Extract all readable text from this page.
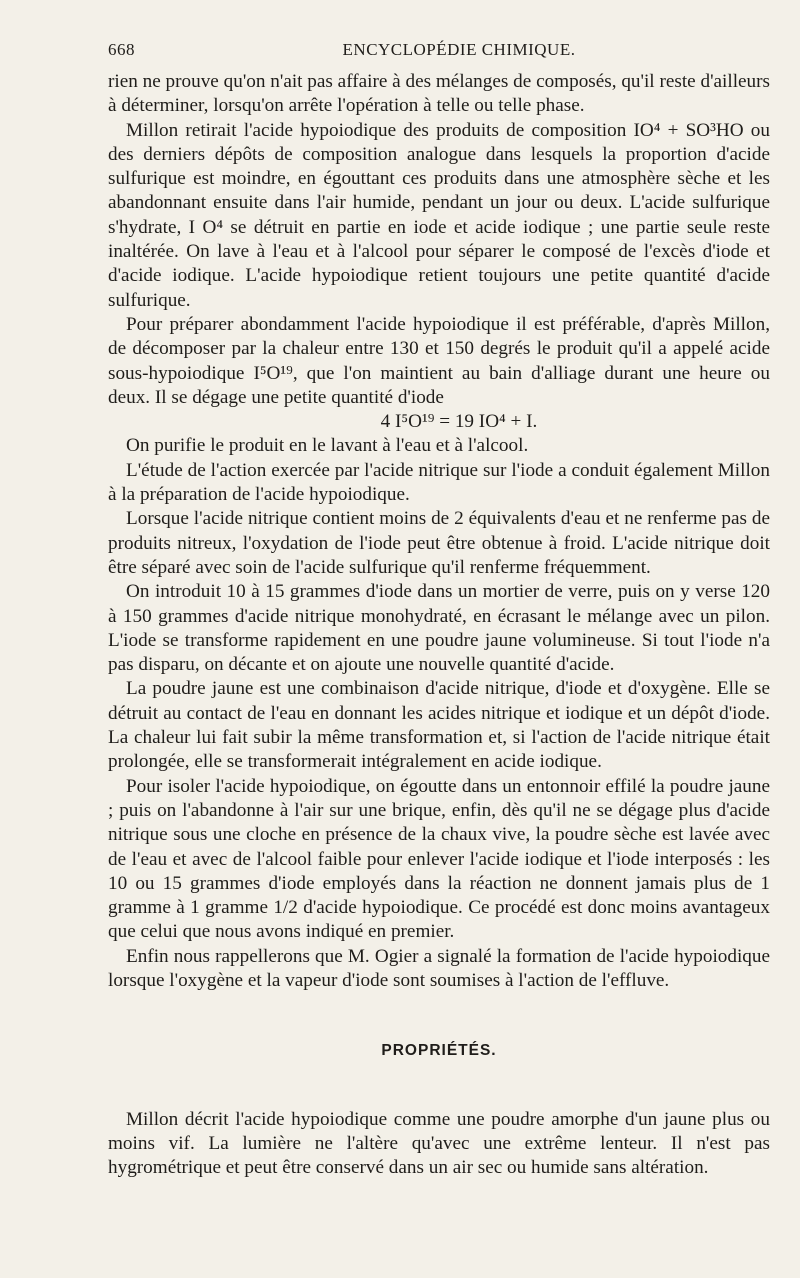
668	ENCYCLOPÉDIE CHIMIQUE.

rien ne prouve qu'on n'ait pas affaire à des mélanges de composés, qu'il reste d'ailleurs à déterminer, lorsqu'on arrête l'opération à telle ou telle phase.

Millon retirait l'acide hypoiodique des produits de composition IO⁴ + SO³HO ou des derniers dépôts de composition analogue dans lesquels la proportion d'acide sulfurique est moindre, en égouttant ces produits dans une atmosphère sèche et les abandonnant ensuite dans l'air humide, pendant un jour ou deux. L'acide sulfurique s'hydrate, I O⁴ se détruit en partie en iode et acide iodique ; une partie seule reste inaltérée. On lave à l'eau et à l'alcool pour séparer le composé de l'excès d'iode et d'acide iodique. L'acide hypoiodique retient toujours une petite quantité d'acide sulfurique.

Pour préparer abondamment l'acide hypoiodique il est préférable, d'après Millon, de décomposer par la chaleur entre 130 et 150 degrés le produit qu'il a appelé acide sous-hypoiodique I⁵O¹⁹, que l'on maintient au bain d'alliage durant une heure ou deux. Il se dégage une petite quantité d'iode

4 I⁵O¹⁹ = 19 IO⁴ + I.

On purifie le produit en le lavant à l'eau et à l'alcool.

L'étude de l'action exercée par l'acide nitrique sur l'iode a conduit également Millon à la préparation de l'acide hypoiodique.

Lorsque l'acide nitrique contient moins de 2 équivalents d'eau et ne renferme pas de produits nitreux, l'oxydation de l'iode peut être obtenue à froid. L'acide nitrique doit être séparé avec soin de l'acide sulfurique qu'il renferme fréquemment.

On introduit 10 à 15 grammes d'iode dans un mortier de verre, puis on y verse 120 à 150 grammes d'acide nitrique monohydraté, en écrasant le mélange avec un pilon. L'iode se transforme rapidement en une poudre jaune volumineuse. Si tout l'iode n'a pas disparu, on décante et on ajoute une nouvelle quantité d'acide.

La poudre jaune est une combinaison d'acide nitrique, d'iode et d'oxygène. Elle se détruit au contact de l'eau en donnant les acides nitrique et iodique et un dépôt d'iode. La chaleur lui fait subir la même transformation et, si l'action de l'acide nitrique était prolongée, elle se transformerait intégralement en acide iodique.

Pour isoler l'acide hypoiodique, on égoutte dans un entonnoir effilé la poudre jaune ; puis on l'abandonne à l'air sur une brique, enfin, dès qu'il ne se dégage plus d'acide nitrique sous une cloche en présence de la chaux vive, la poudre sèche est lavée avec de l'eau et avec de l'alcool faible pour enlever l'acide iodique et l'iode interposés : les 10 ou 15 grammes d'iode employés dans la réaction ne donnent jamais plus de 1 gramme à 1 gramme 1/2 d'acide hypoiodique. Ce procédé est donc moins avantageux que celui que nous avons indiqué en premier.

Enfin nous rappellerons que M. Ogier a signalé la formation de l'acide hypoiodique lorsque l'oxygène et la vapeur d'iode sont soumises à l'action de l'effluve.

PROPRIÉTÉS.

Millon décrit l'acide hypoiodique comme une poudre amorphe d'un jaune plus ou moins vif. La lumière ne l'altère qu'avec une extrême lenteur. Il n'est pas hygrométrique et peut être conservé dans un air sec ou humide sans altération.
